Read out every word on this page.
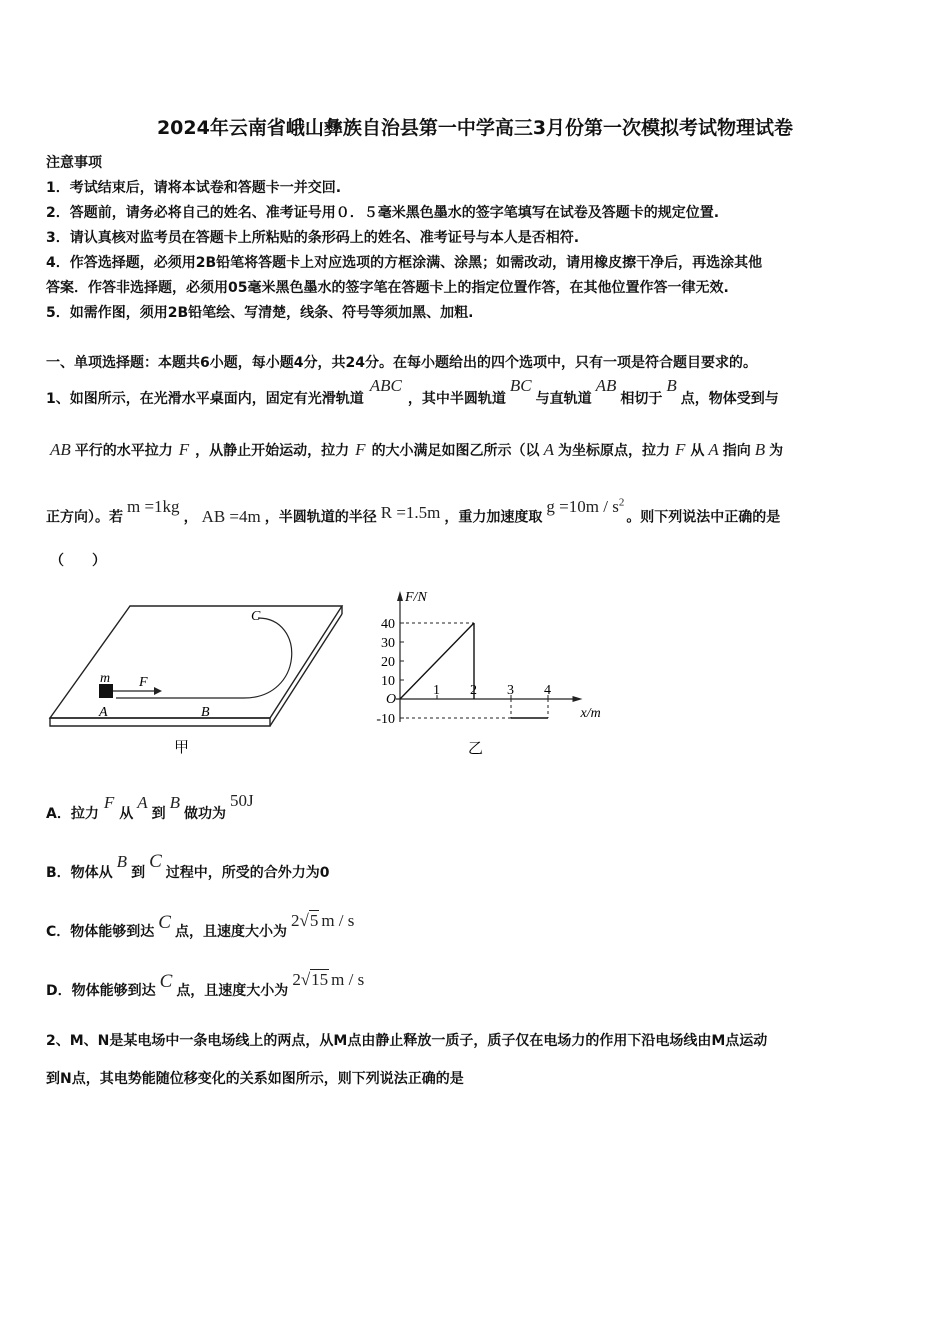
2024年云南省峨山彝族自治县第一中学高三3月份第一次模拟考试物理试卷
注意事项
1．考试结束后，请将本试卷和答题卡一并交回.
2．答题前，请务必将自己的姓名、准考证号用０．５毫米黑色墨水的签字笔填写在试卷及答题卡的规定位置.
3．请认真核对监考员在答题卡上所粘贴的条形码上的姓名、准考证号与本人是否相符.
4．作答选择题，必须用2B铅笔将答题卡上对应选项的方框涂满、涂黑；如需改动，请用橡皮擦干净后，再选涂其他
答案．作答非选择题，必须用05毫米黑色墨水的签字笔在答题卡上的指定位置作答，在其他位置作答一律无效.
5．如需作图，须用2B铅笔绘、写清楚，线条、符号等须加黑、加粗.
一、单项选择题：本题共6小题，每小题4分，共24分。在每小题给出的四个选项中，只有一项是符合题目要求的。
1、如图所示，在光滑水平桌面内，固定有光滑轨道ABC，其中半圆轨道BC与直轨道AB相切于B点，物体受到与
AB 平行的水平拉力 F ，从静止开始运动，拉力 F 的大小满足如图乙所示（以 A 为坐标原点，拉力 F 从 A 指向 B 为
正方向）。若m =1kg， AB =4m ，半圆轨道的半径 R =1.5m ，重力加速度取$g =10m / s^2$。则下列说法中正确的是
（　　）
m F
A	B
C
甲
F/N
x/m
O
40
30
20
10
-10
1 2 3 4
乙
A．拉力F从A到B做功为50J
B．物体从B到C过程中，所受的合外力为0
C．物体能够到达 C 点，且速度大小为2√5 m / s
D．物体能够到达 C 点，且速度大小为2√15 m / s
2、M、N是某电场中一条电场线上的两点，从M点由静止释放一质子，质子仅在电场力的作用下沿电场线由M点运动
到N点，其电势能随位移变化的关系如图所示，则下列说法正确的是
